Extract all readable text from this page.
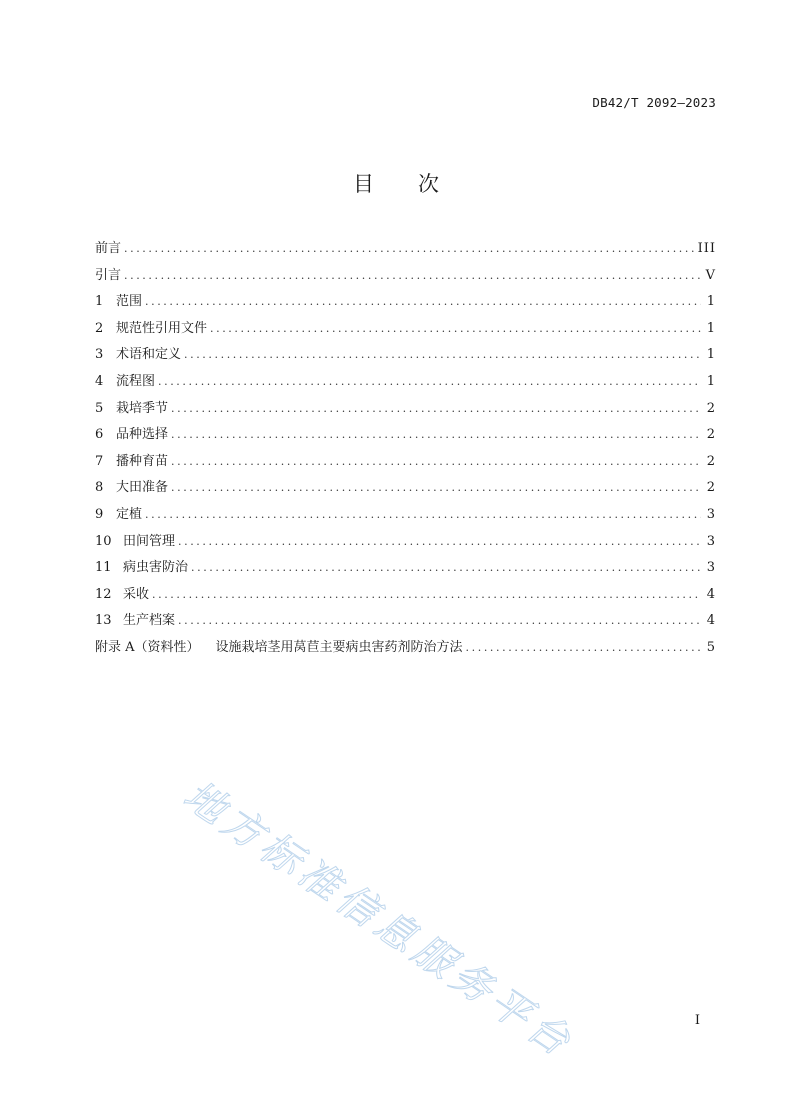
DB42/T 2092—2023
目 次
前言 .....	III
引言 .....	V
1 范围 .....	1
2 规范性引用文件 .....	1
3 术语和定义 .....	1
4 流程图 .....	1
5 栽培季节 .....	2
6 品种选择 .....	2
7 播种育苗 .....	2
8 大田准备 .....	2
9 定植 .....	3
10 田间管理 .....	3
11 病虫害防治 .....	3
12 采收 .....	4
13 生产档案 .....	4
附录 A（资料性） 设施栽培茎用莴苣主要病虫害药剂防治方法 .....	5
地方标准信息服务平台	I
